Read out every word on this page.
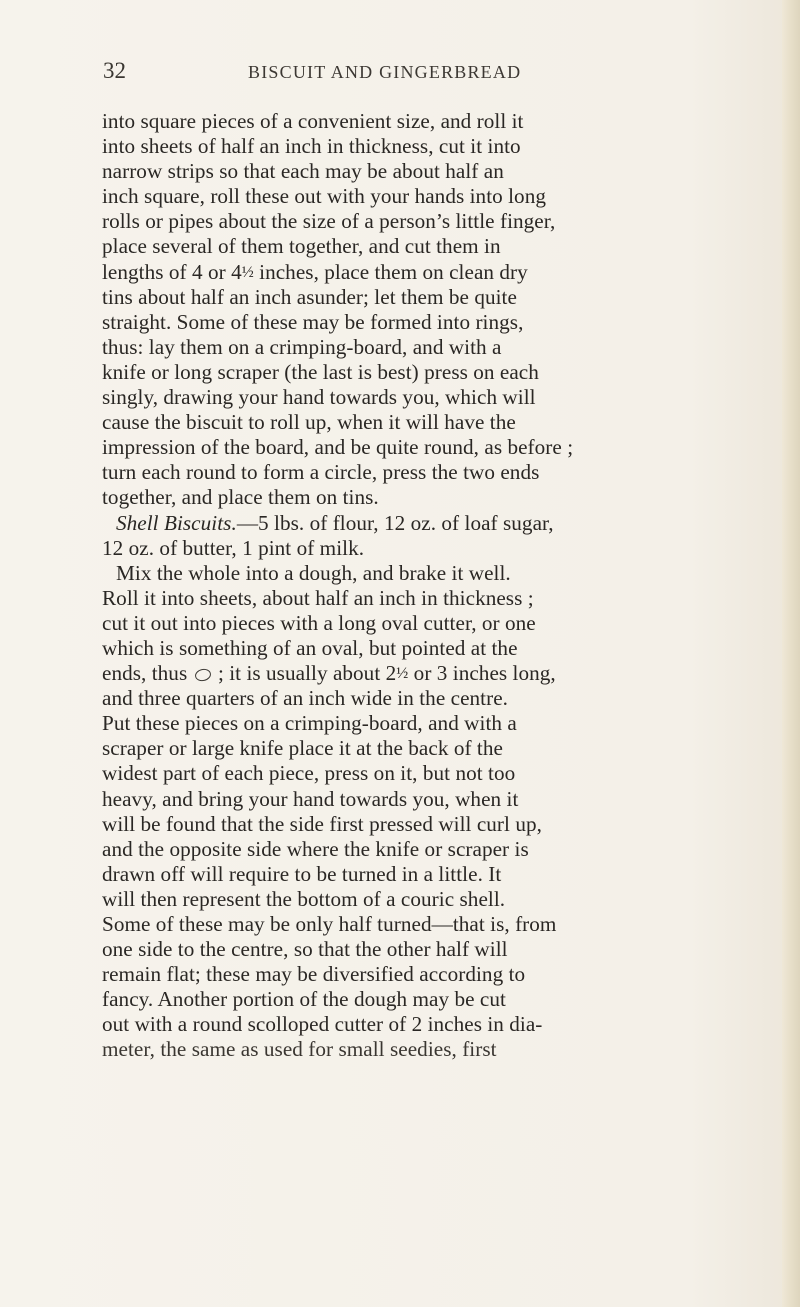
32	BISCUIT AND GINGERBREAD
into square pieces of a convenient size, and roll it
into sheets of half an inch in thickness, cut it into
narrow strips so that each may be about half an
inch square, roll these out with your hands into long
rolls or pipes about the size of a person’s little finger,
place several of them together, and cut them in
lengths of 4 or 4½ inches, place them on clean dry
tins about half an inch asunder; let them be quite
straight. Some of these may be formed into rings,
thus: lay them on a crimping-board, and with a
knife or long scraper (the last is best) press on each
singly, drawing your hand towards you, which will
cause the biscuit to roll up, when it will have the
impression of the board, and be quite round, as before ;
turn each round to form a circle, press the two ends
together, and place them on tins.
Shell Biscuits.—5 lbs. of flour, 12 oz. of loaf sugar,
12 oz. of butter, 1 pint of milk.
Mix the whole into a dough, and brake it well.
Roll it into sheets, about half an inch in thickness ;
cut it out into pieces with a long oval cutter, or one
which is something of an oval, but pointed at the
ends, thus  ; it is usually about 2½ or 3 inches long,
and three quarters of an inch wide in the centre.
Put these pieces on a crimping-board, and with a
scraper or large knife place it at the back of the
widest part of each piece, press on it, but not too
heavy, and bring your hand towards you, when it
will be found that the side first pressed will curl up,
and the opposite side where the knife or scraper is
drawn off will require to be turned in a little. It
will then represent the bottom of a couric shell.
Some of these may be only half turned—that is, from
one side to the centre, so that the other half will
remain flat; these may be diversified according to
fancy. Another portion of the dough may be cut
out with a round scolloped cutter of 2 inches in dia-
meter, the same as used for small seedies, first
